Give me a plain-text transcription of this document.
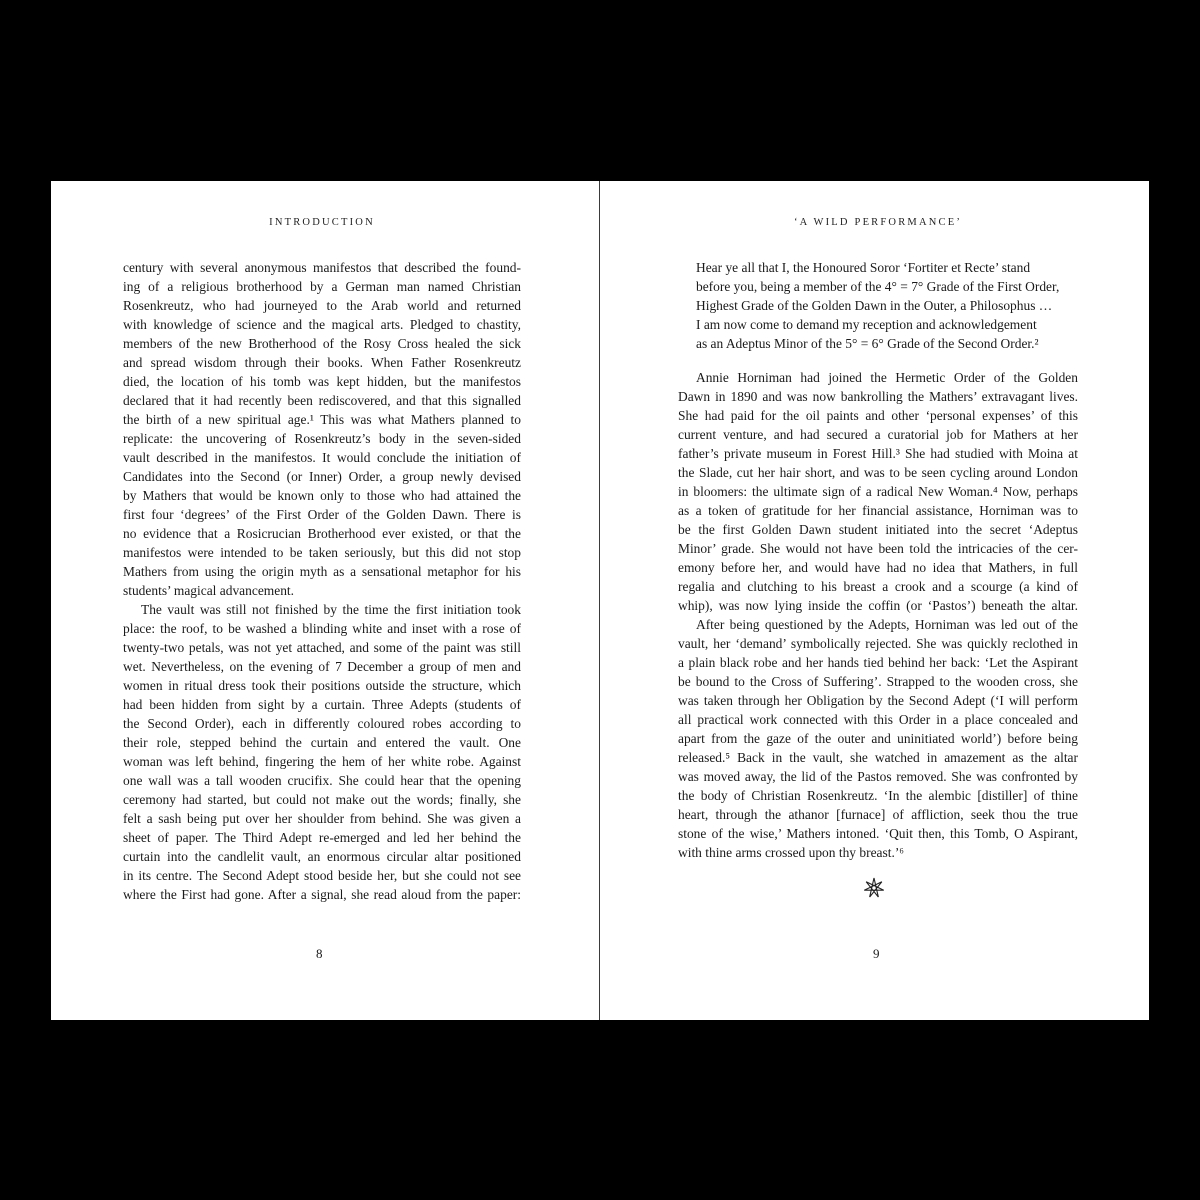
INTRODUCTION
century with several anonymous manifestos that described the found-
ing of a religious brotherhood by a German man named Christian
Rosenkreutz, who had journeyed to the Arab world and returned
with knowledge of science and the magical arts. Pledged to chastity,
members of the new Brotherhood of the Rosy Cross healed the sick
and spread wisdom through their books. When Father Rosenkreutz
died, the location of his tomb was kept hidden, but the manifestos
declared that it had recently been rediscovered, and that this signalled
the birth of a new spiritual age.¹ This was what Mathers planned to
replicate: the uncovering of Rosenkreutz’s body in the seven-sided
vault described in the manifestos. It would conclude the initiation of
Candidates into the Second (or Inner) Order, a group newly devised
by Mathers that would be known only to those who had attained the
first four ‘degrees’ of the First Order of the Golden Dawn. There is
no evidence that a Rosicrucian Brotherhood ever existed, or that the
manifestos were intended to be taken seriously, but this did not stop
Mathers from using the origin myth as a sensational metaphor for his
students’ magical advancement.
The vault was still not finished by the time the first initiation took
place: the roof, to be washed a blinding white and inset with a rose of
twenty-two petals, was not yet attached, and some of the paint was still
wet. Nevertheless, on the evening of 7 December a group of men and
women in ritual dress took their positions outside the structure, which
had been hidden from sight by a curtain. Three Adepts (students of
the Second Order), each in differently coloured robes according to
their role, stepped behind the curtain and entered the vault. One
woman was left behind, fingering the hem of her white robe. Against
one wall was a tall wooden crucifix. She could hear that the opening
ceremony had started, but could not make out the words; finally, she
felt a sash being put over her shoulder from behind. She was given a
sheet of paper. The Third Adept re-emerged and led her behind the
curtain into the candlelit vault, an enormous circular altar positioned
in its centre. The Second Adept stood beside her, but she could not see
where the First had gone. After a signal, she read aloud from the paper:
8
‘A WILD PERFORMANCE’
Hear ye all that I, the Honoured Soror ‘Fortiter et Recte’ stand
before you, being a member of the 4° = 7° Grade of the First Order,
Highest Grade of the Golden Dawn in the Outer, a Philosophus …
I am now come to demand my reception and acknowledgement
as an Adeptus Minor of the 5° = 6° Grade of the Second Order.²
Annie Horniman had joined the Hermetic Order of the Golden
Dawn in 1890 and was now bankrolling the Mathers’ extravagant lives.
She had paid for the oil paints and other ‘personal expenses’ of this
current venture, and had secured a curatorial job for Mathers at her
father’s private museum in Forest Hill.³ She had studied with Moina at
the Slade, cut her hair short, and was to be seen cycling around London
in bloomers: the ultimate sign of a radical New Woman.⁴ Now, perhaps
as a token of gratitude for her financial assistance, Horniman was to
be the first Golden Dawn student initiated into the secret ‘Adeptus
Minor’ grade. She would not have been told the intricacies of the cer-
emony before her, and would have had no idea that Mathers, in full
regalia and clutching to his breast a crook and a scourge (a kind of
whip), was now lying inside the coffin (or ‘Pastos’) beneath the altar.
After being questioned by the Adepts, Horniman was led out of the
vault, her ‘demand’ symbolically rejected. She was quickly reclothed in
a plain black robe and her hands tied behind her back: ‘Let the Aspirant
be bound to the Cross of Suffering’. Strapped to the wooden cross, she
was taken through her Obligation by the Second Adept (‘I will perform
all practical work connected with this Order in a place concealed and
apart from the gaze of the outer and uninitiated world’) before being
released.⁵ Back in the vault, she watched in amazement as the altar
was moved away, the lid of the Pastos removed. She was confronted by
the body of Christian Rosenkreutz. ‘In the alembic [distiller] of thine
heart, through the athanor [furnace] of affliction, seek thou the true
stone of the wise,’ Mathers intoned. ‘Quit then, this Tomb, O Aspirant,
with thine arms crossed upon thy breast.’⁶
9
